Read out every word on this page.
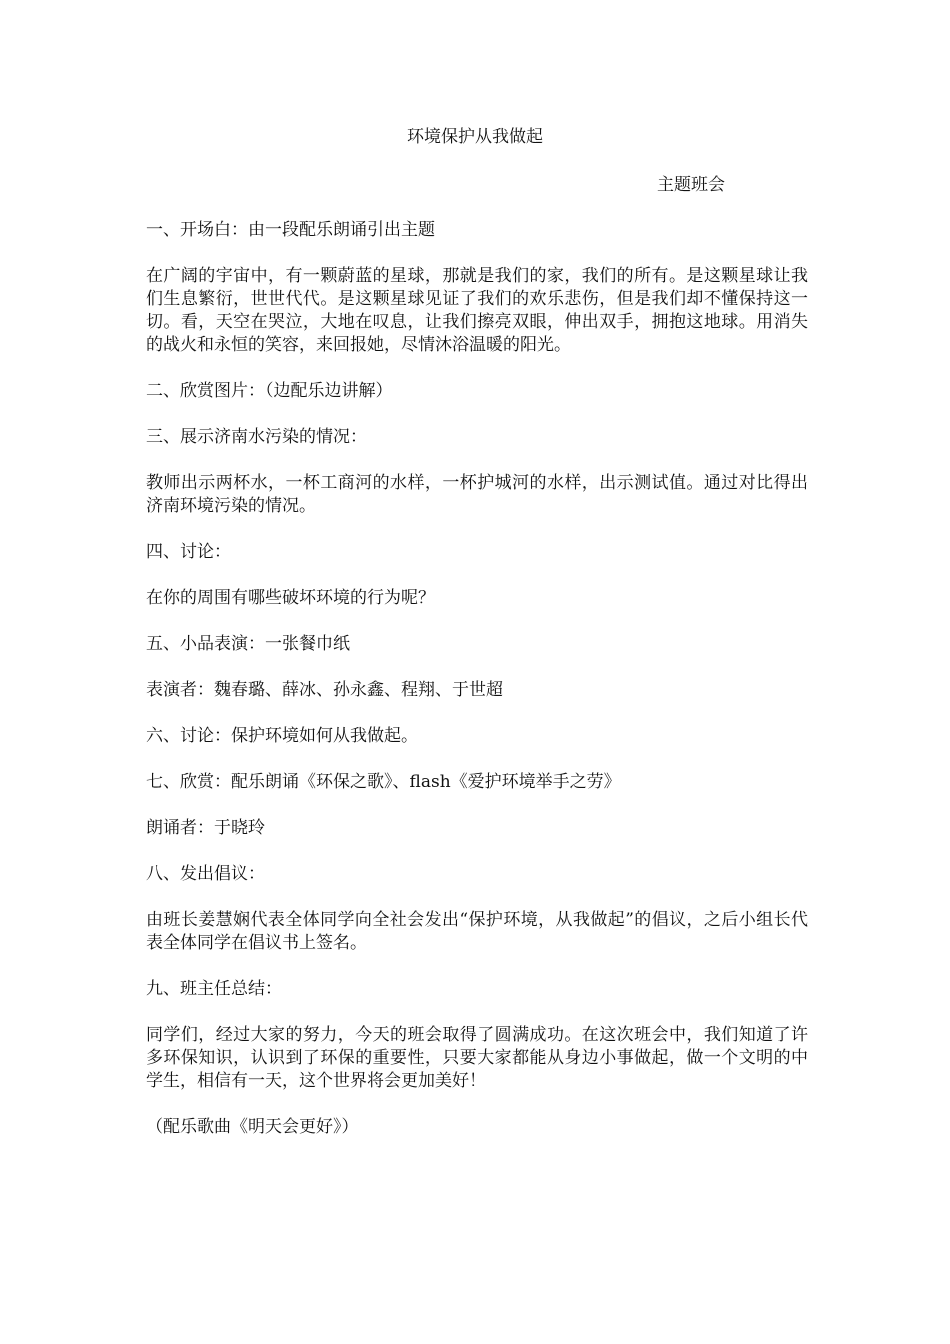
环境保护从我做起
主题班会

一、开场白：由一段配乐朗诵引出主题

在广阔的宇宙中，有一颗蔚蓝的星球，那就是我们的家，我们的所有。是这颗星球让我们生息繁衍，世世代代。是这颗星球见证了我们的欢乐悲伤，但是我们却不懂保持这一切。看，天空在哭泣，大地在叹息，让我们擦亮双眼，伸出双手，拥抱这地球。用消失的战火和永恒的笑容，来回报她，尽情沐浴温暖的阳光。

二、欣赏图片：（边配乐边讲解）

三、展示济南水污染的情况：

教师出示两杯水，一杯工商河的水样，一杯护城河的水样，出示测试值。通过对比得出济南环境污染的情况。

四、讨论：

在你的周围有哪些破坏环境的行为呢？

五、小品表演：一张餐巾纸

表演者：魏春璐、薛冰、孙永鑫、程翔、于世超

六、讨论：保护环境如何从我做起。

七、欣赏：配乐朗诵《环保之歌》、flash《爱护环境举手之劳》

朗诵者：于晓玲

八、发出倡议：

由班长姜慧娴代表全体同学向全社会发出“保护环境，从我做起”的倡议，之后小组长代表全体同学在倡议书上签名。

九、班主任总结：

同学们，经过大家的努力，今天的班会取得了圆满成功。在这次班会中，我们知道了许多环保知识，认识到了环保的重要性，只要大家都能从身边小事做起，做一个文明的中学生，相信有一天，这个世界将会更加美好！

（配乐歌曲《明天会更好》）
